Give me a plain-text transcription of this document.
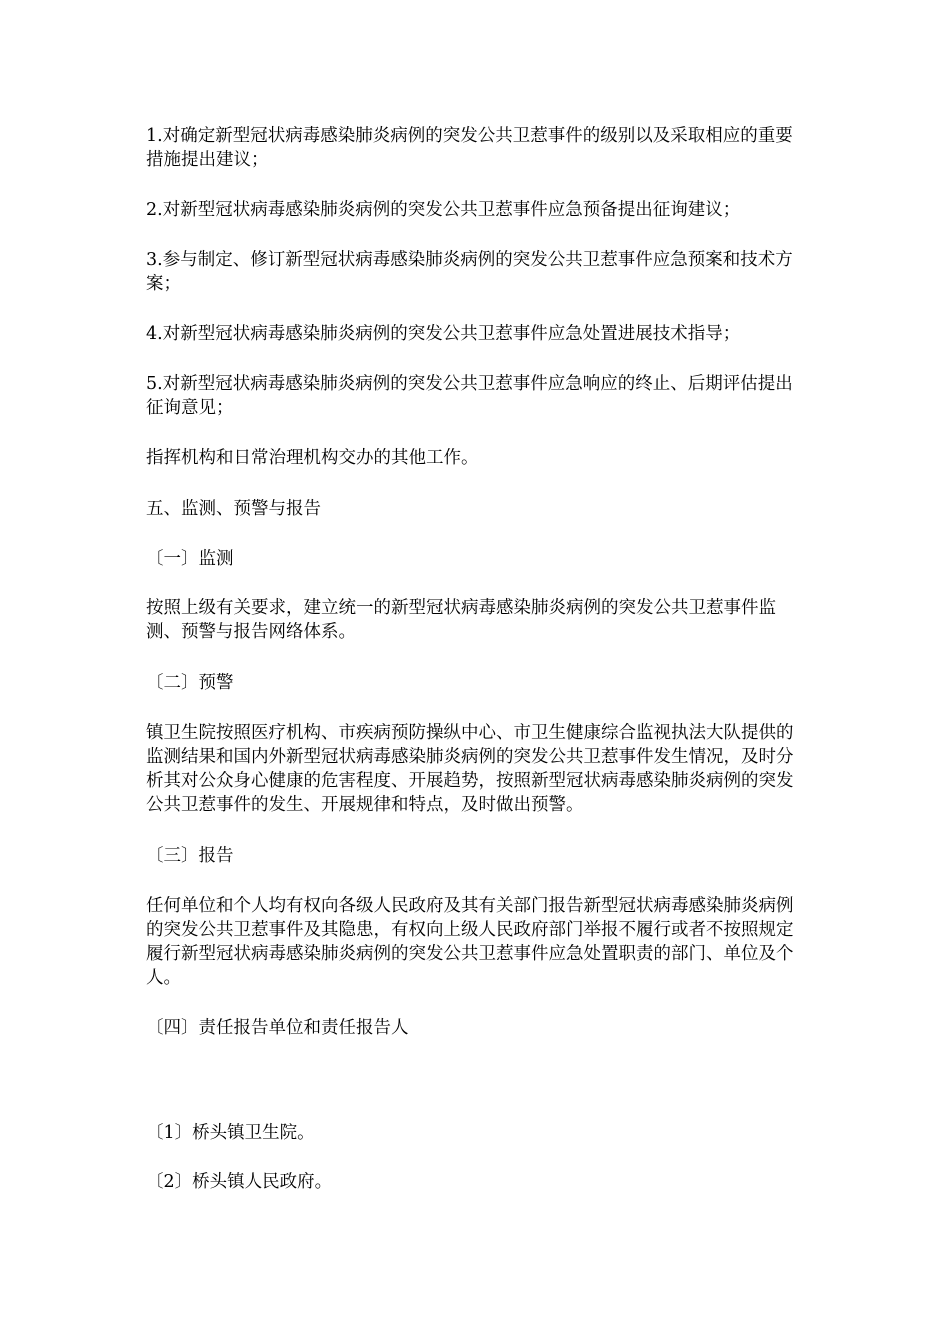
1.对确定新型冠状病毒感染肺炎病例的突发公共卫惹事件的级别以及采取相应的重要措施提出建议；

2.对新型冠状病毒感染肺炎病例的突发公共卫惹事件应急预备提出征询建议；

3.参与制定、修订新型冠状病毒感染肺炎病例的突发公共卫惹事件应急预案和技术方案；

4.对新型冠状病毒感染肺炎病例的突发公共卫惹事件应急处置进展技术指导；

5.对新型冠状病毒感染肺炎病例的突发公共卫惹事件应急响应的终止、后期评估提出征询意见；

指挥机构和日常治理机构交办的其他工作。

五、监测、预警与报告

〔一〕监测

按照上级有关要求，建立统一的新型冠状病毒感染肺炎病例的突发公共卫惹事件监测、预警与报告网络体系。

〔二〕预警

镇卫生院按照医疗机构、市疾病预防操纵中心、市卫生健康综合监视执法大队提供的监测结果和国内外新型冠状病毒感染肺炎病例的突发公共卫惹事件发生情况，及时分析其对公众身心健康的危害程度、开展趋势，按照新型冠状病毒感染肺炎病例的突发公共卫惹事件的发生、开展规律和特点，及时做出预警。

〔三〕报告

任何单位和个人均有权向各级人民政府及其有关部门报告新型冠状病毒感染肺炎病例的突发公共卫惹事件及其隐患，有权向上级人民政府部门举报不履行或者不按照规定履行新型冠状病毒感染肺炎病例的突发公共卫惹事件应急处置职责的部门、单位及个人。

〔四〕责任报告单位和责任报告人

〔1〕桥头镇卫生院。

〔2〕桥头镇人民政府。
